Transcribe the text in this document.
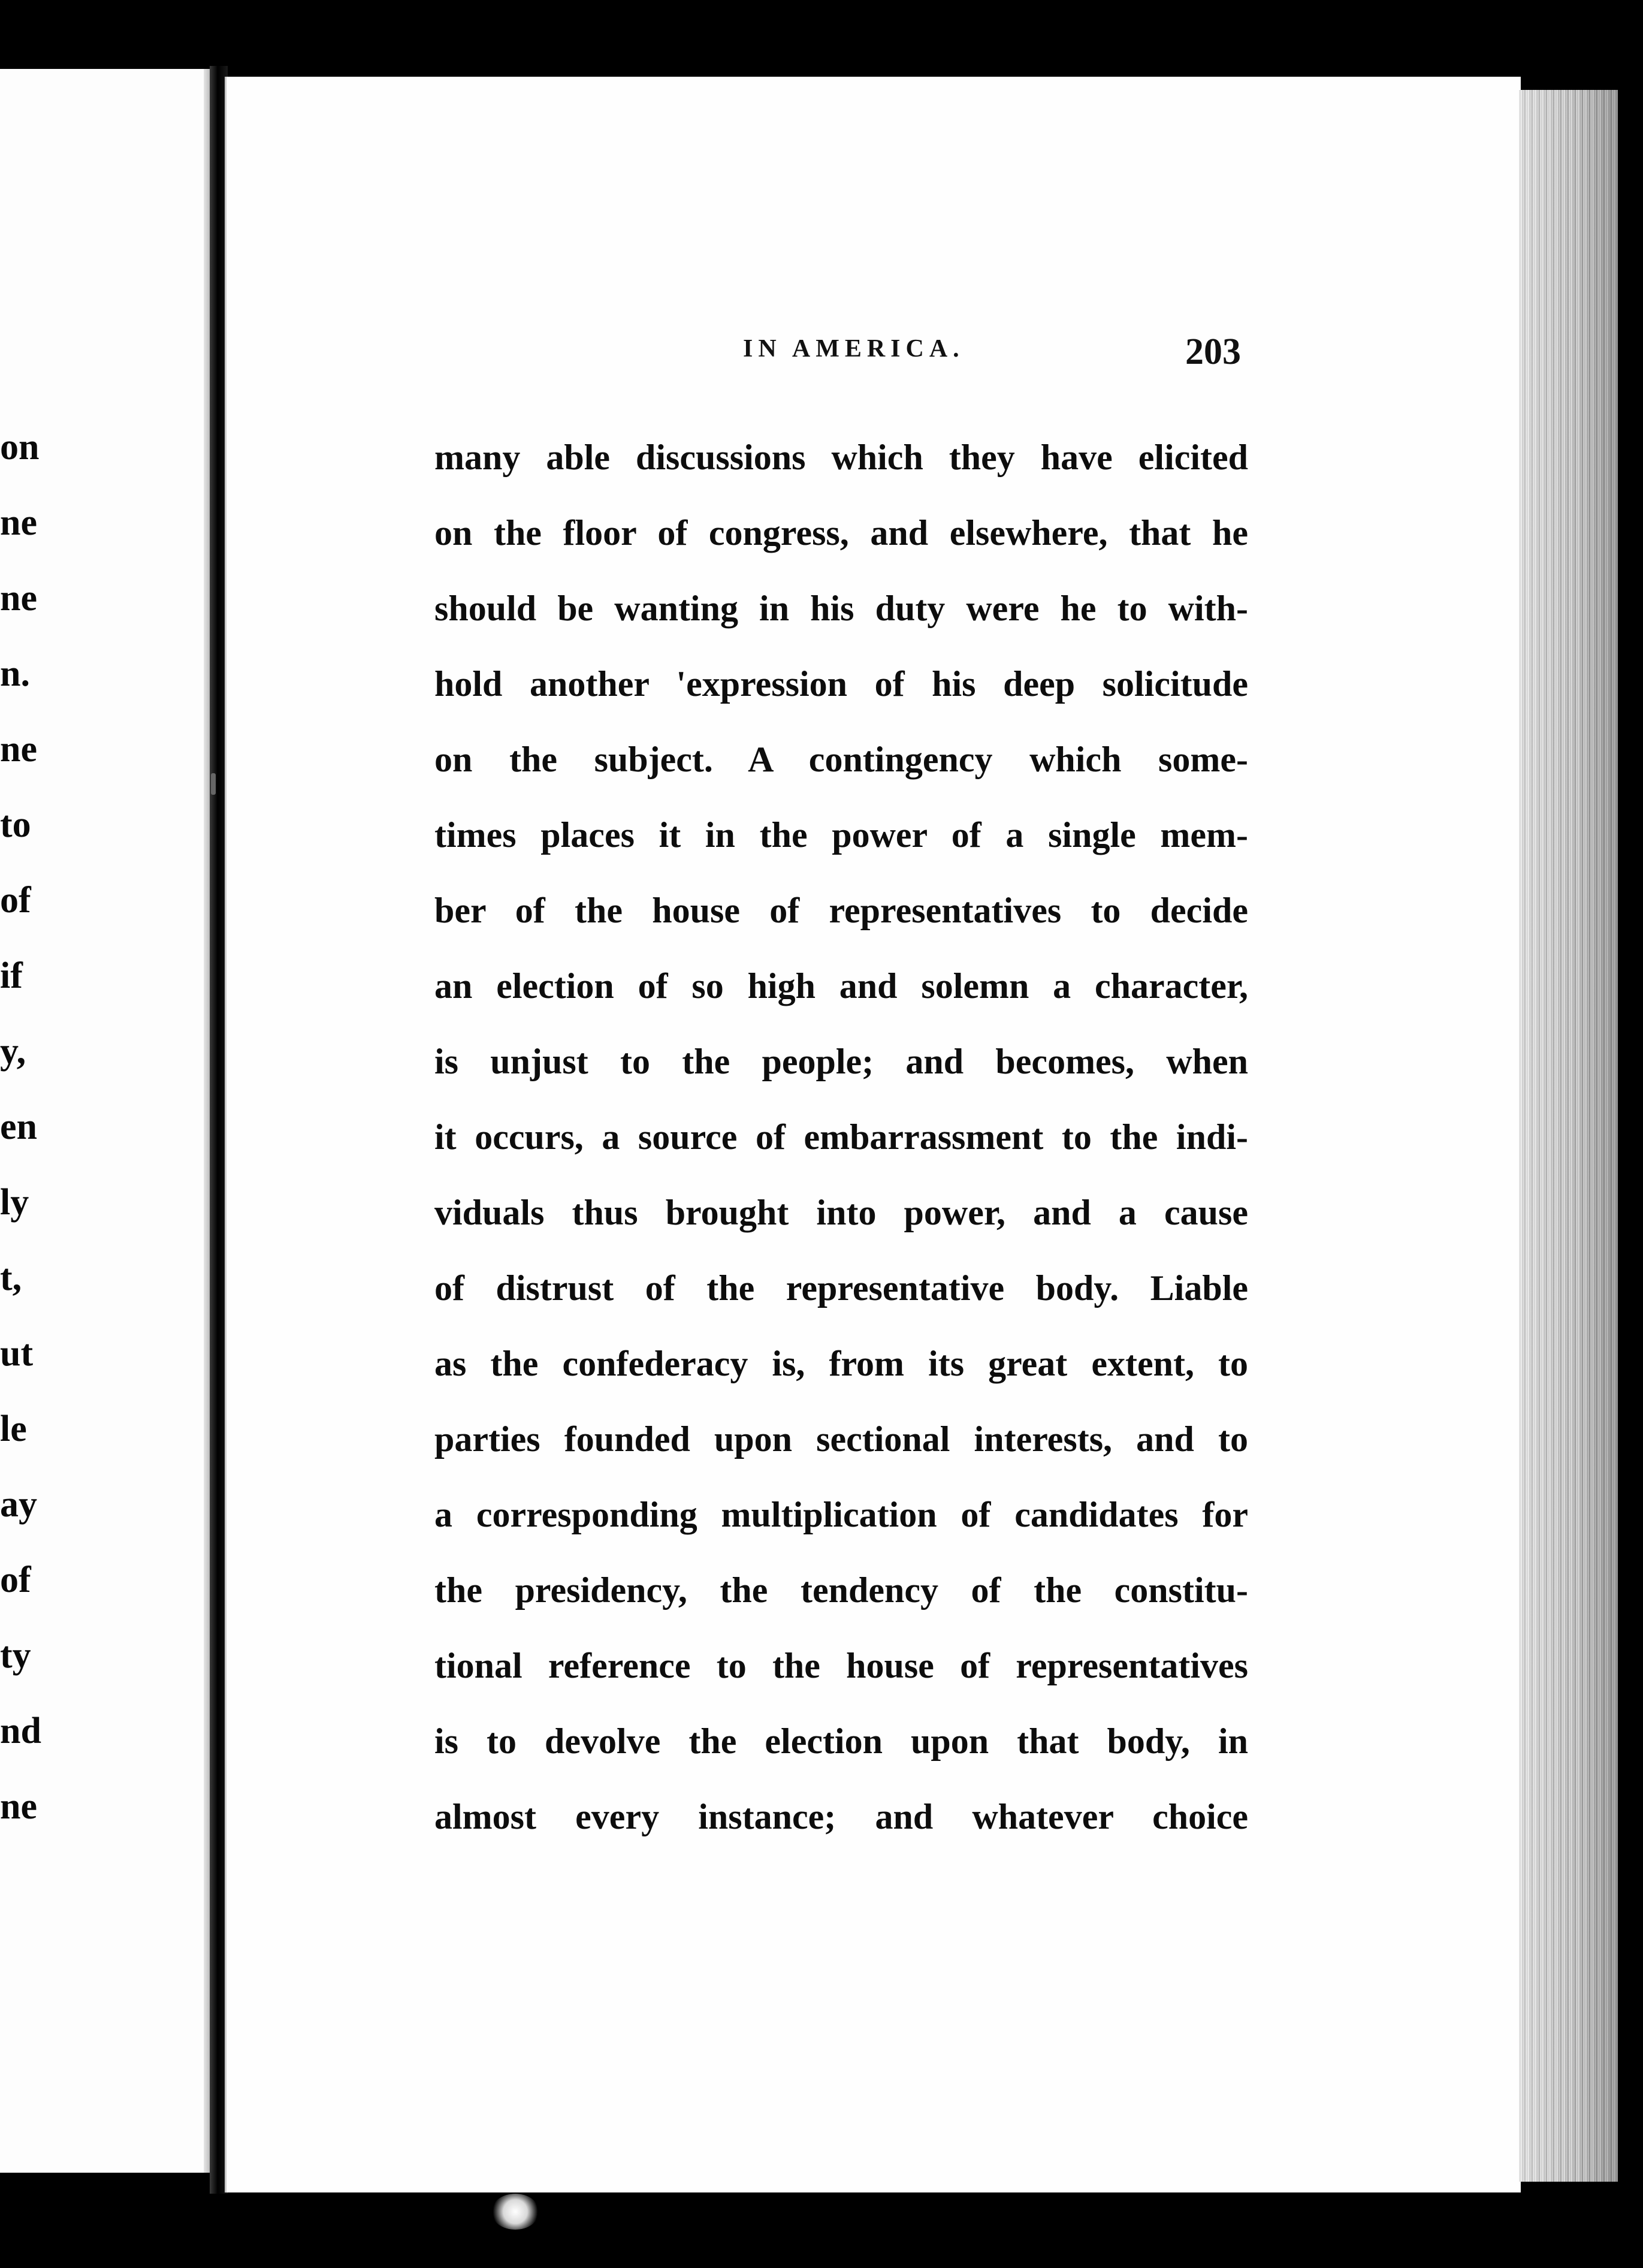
on
ne
ne
n.
ne
to
of
if
y,
en
ly
t,
ut
le
ay
of
ty
nd
ne
IN AMERICA.	203
many able discussions which they have elicited
on the floor of congress, and elsewhere, that he
should be wanting in his duty were he to with-
hold another 'expression of his deep solicitude
on the subject. A contingency which some-
times places it in the power of a single mem-
ber of the house of representatives to decide
an election of so high and solemn a character,
is unjust to the people; and becomes, when
it occurs, a source of embarrassment to the indi-
viduals thus brought into power, and a cause
of distrust of the representative body. Liable
as the confederacy is, from its great extent, to
parties founded upon sectional interests, and to
a corresponding multiplication of candidates for
the presidency, the tendency of the constitu-
tional reference to the house of representatives
is to devolve the election upon that body, in
almost every instance; and whatever choice
